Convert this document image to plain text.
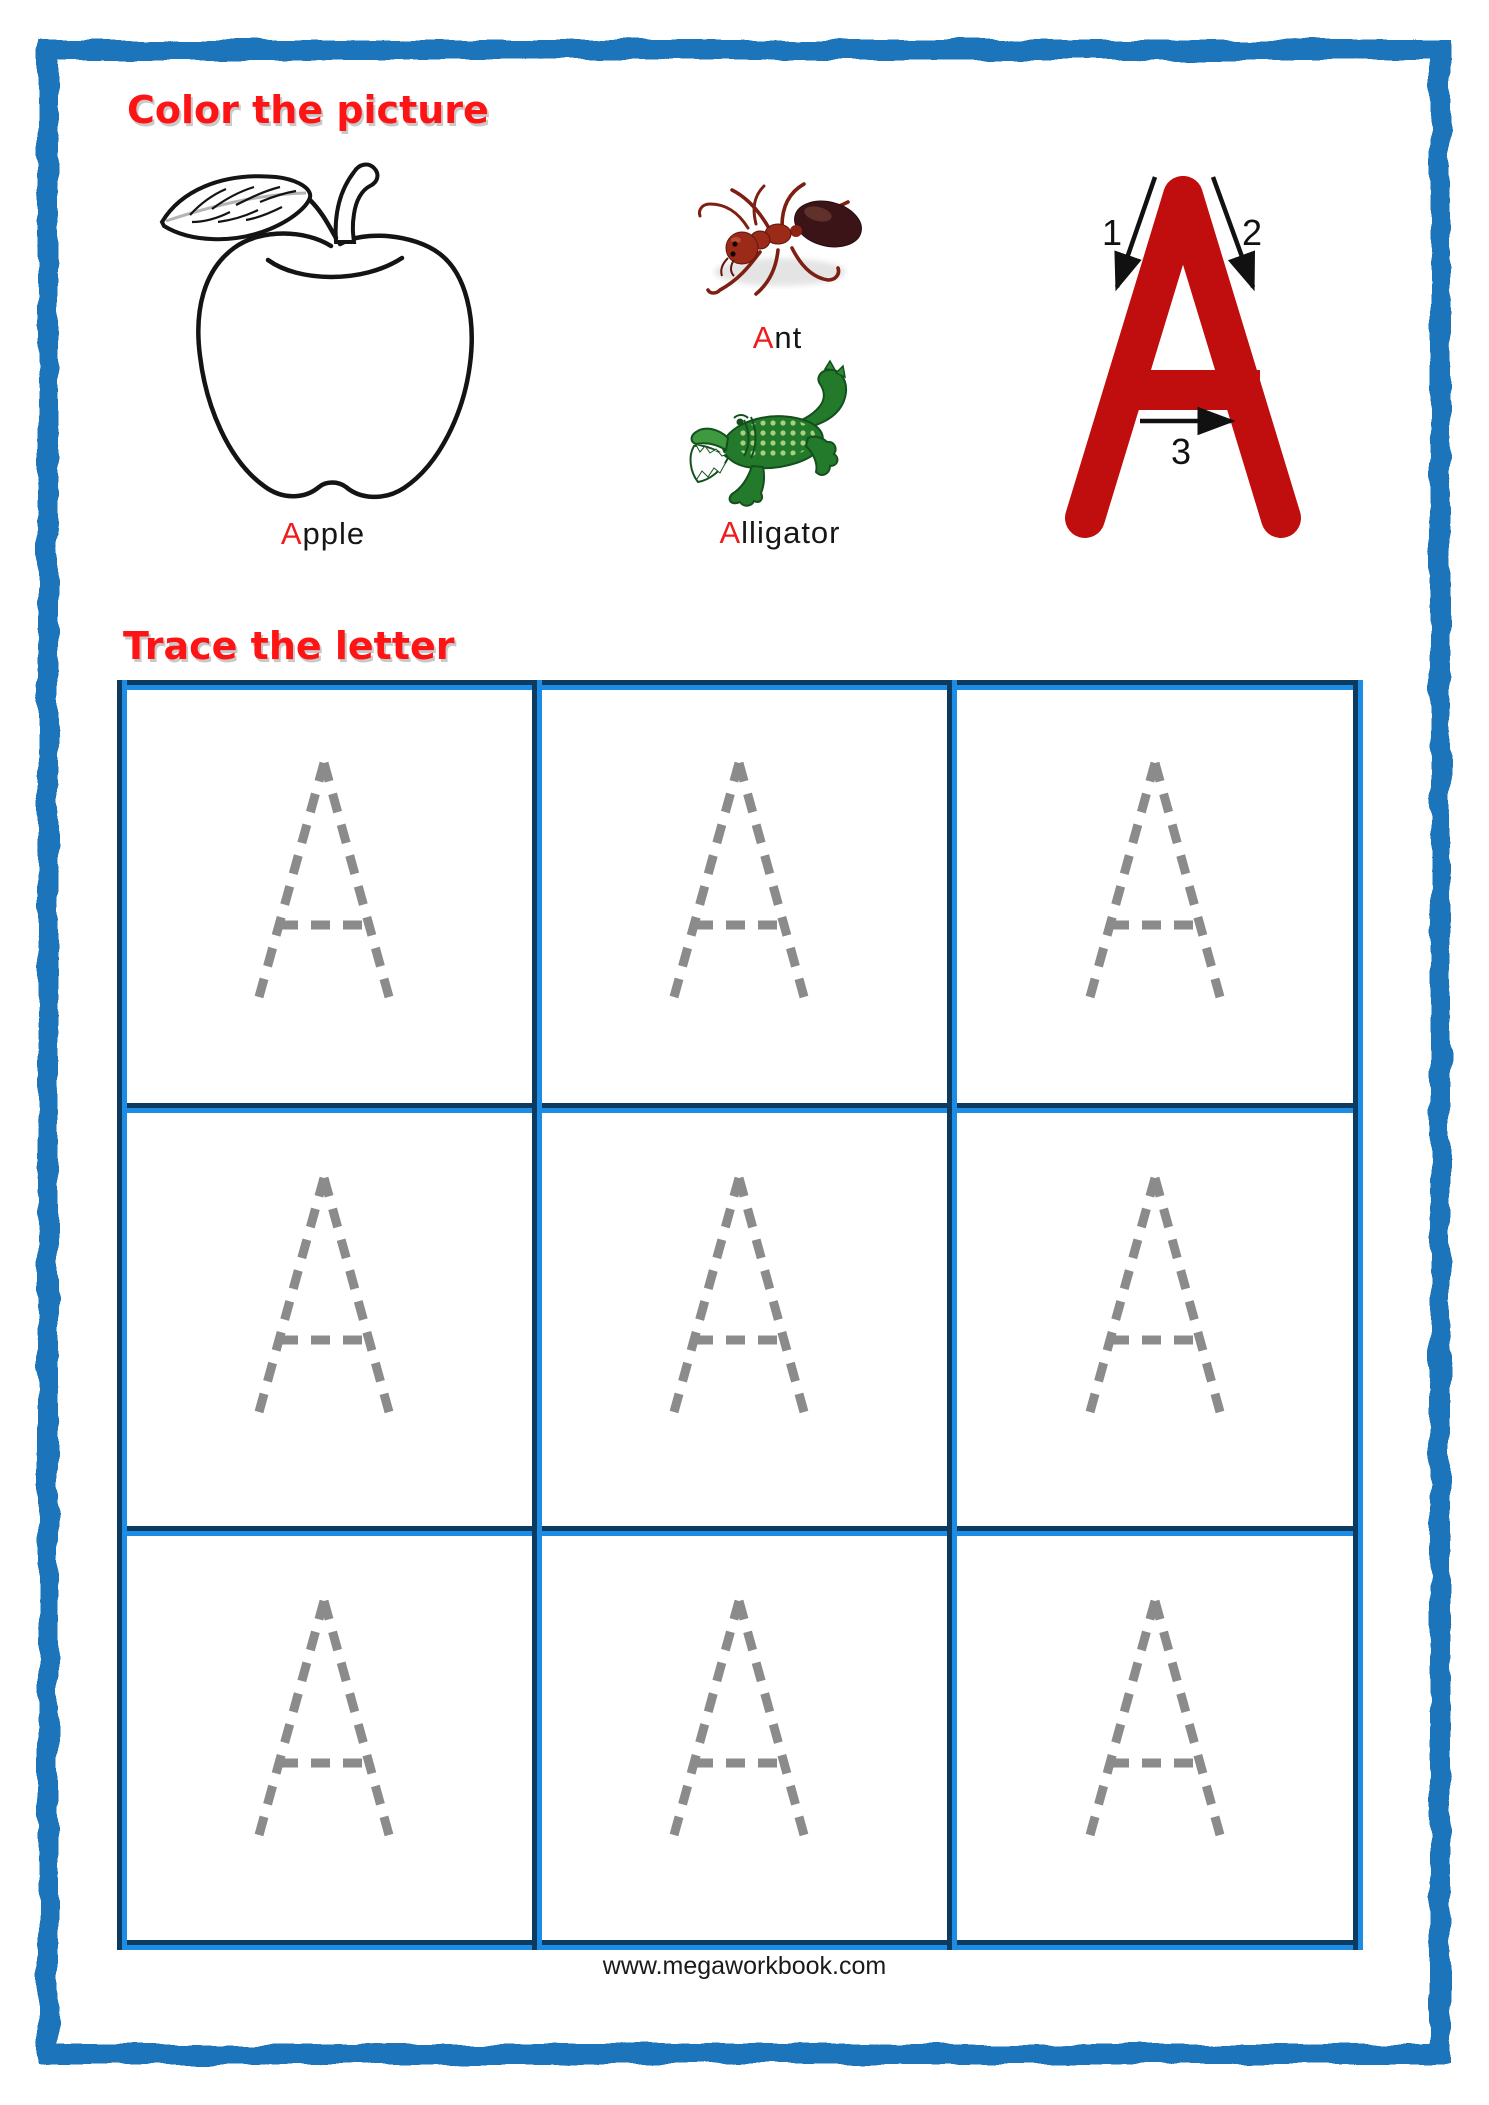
Color the picture
Trace the letter
Apple
Ant
Alligator
1	2
3
www.megaworkbook.com
